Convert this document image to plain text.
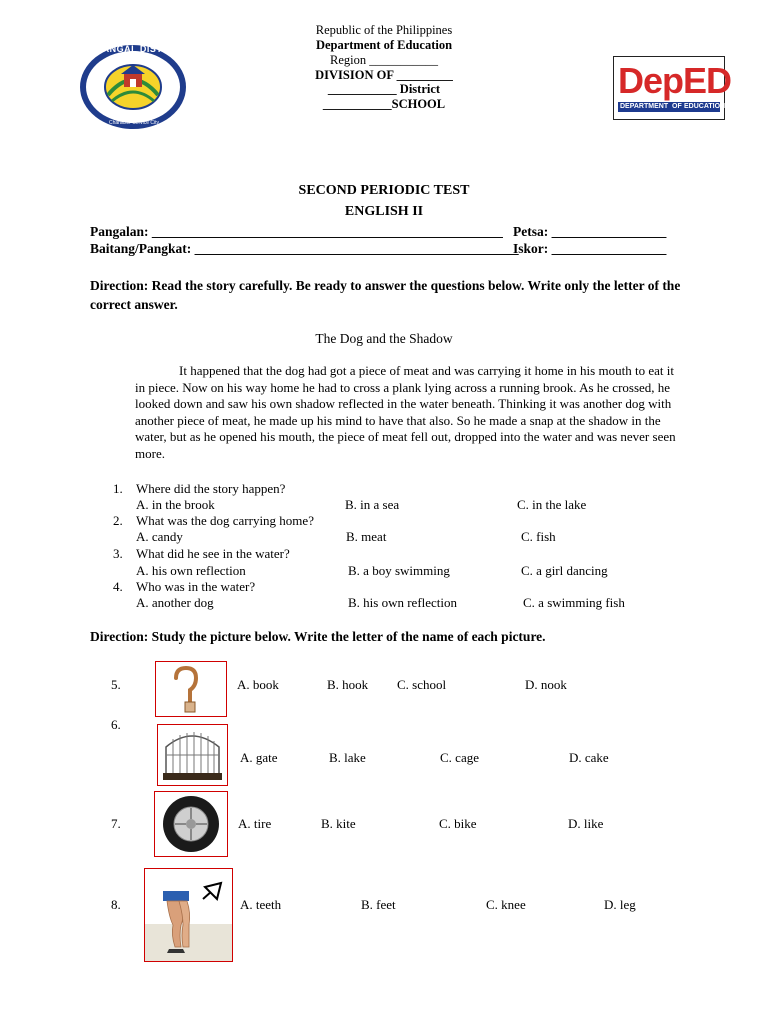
Republic of the Philippines
Department of Education
Region ___________
DIVISION OF _________
___________ District
___________SCHOOL
LABANGAL DISTRICT
Character Service City
DepED
DEPARTMENT OF EDUCATION
SECOND PERIODIC TEST
ENGLISH II
Pangalan: ____________________________________________________ Petsa: _________________
Baitang/Pangkat: ________________________________________________
Iskor: _________________
Direction: Read the story carefully. Be ready to answer the questions below. Write only the letter of the correct answer.
The Dog and the Shadow
It happened that the dog had got a piece of meat and was carrying it home in his mouth to eat it in piece. Now on his way home he had to cross a plank lying across a running brook. As he crossed, he looked down and saw his own shadow reflected in the water beneath. Thinking it was another dog with another piece of meat, he made up his mind to have that also. So he made a snap at the shadow in the water, but as he opened his mouth, the piece of meat fell out, dropped into the water and was never seen more.
1. Where did the story happen?
A. in the brook	B. in a sea	C. in the lake
2. What was the dog carrying home?
A. candy	B. meat	C. fish
3. What did he see in the water?
A. his own reflection	B. a boy swimming	C. a girl dancing
4. Who was in the water?
A. another dog	B. his own reflection	C. a swimming fish
Direction: Study the picture below. Write the letter of the name of each picture.
5.	A. book	B. hook C. school	D. nook
6.
A. gate	B. lake	C. cage	D. cake
7.	A. tire	B. kite	C. bike	D. like
8.	A. teeth	B. feet	C. knee	D. leg
